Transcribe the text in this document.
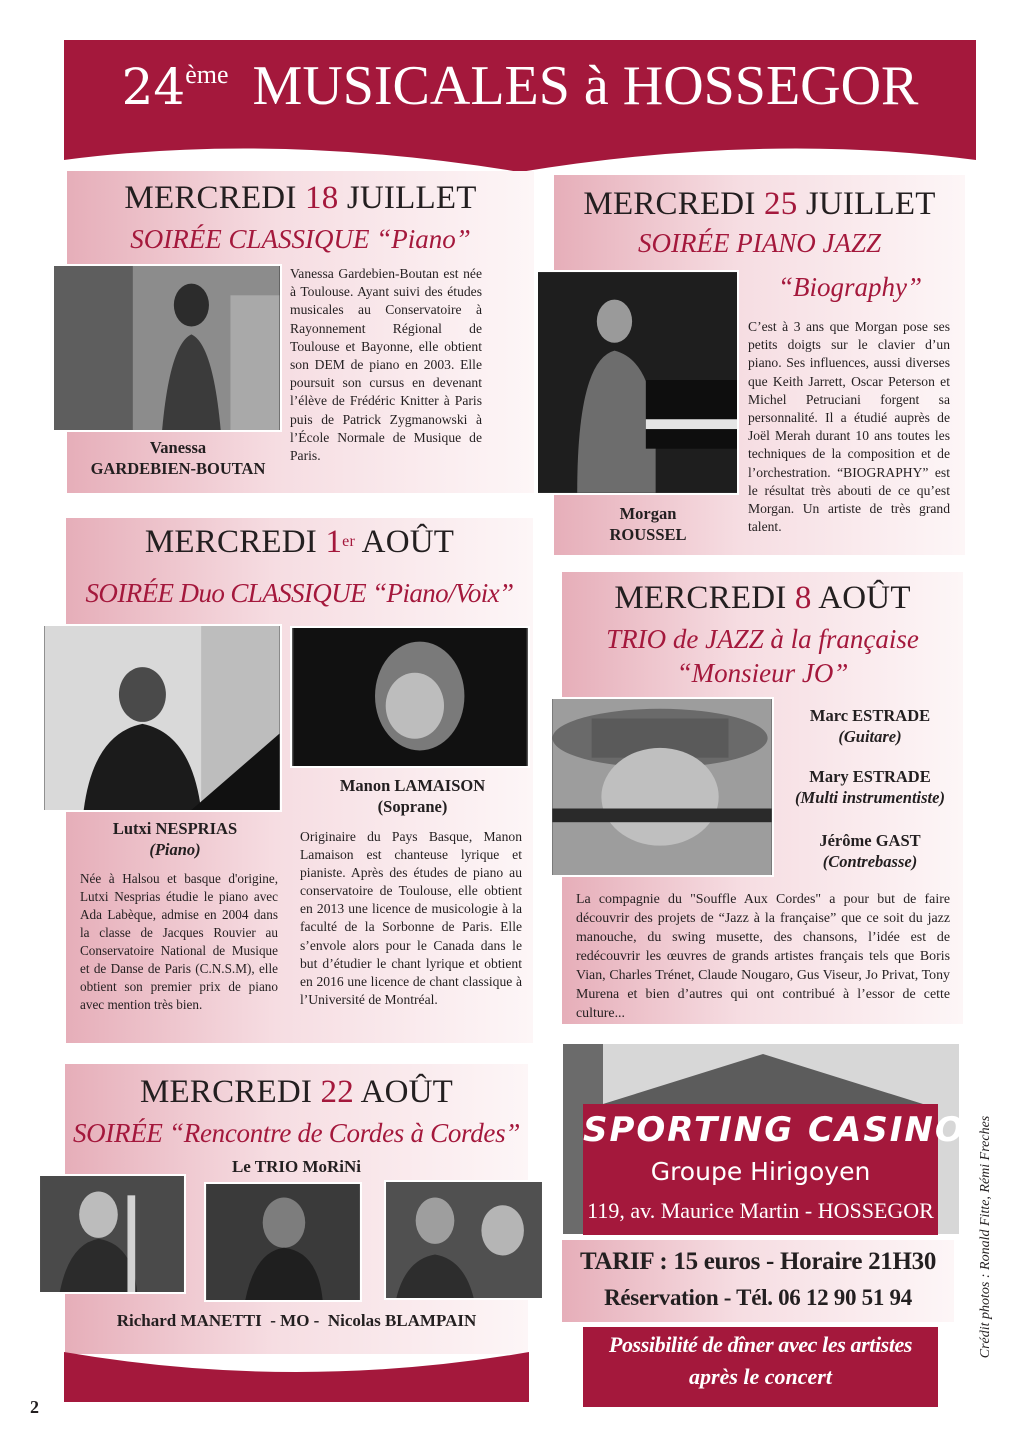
24ème MUSICALES à HOSSEGOR
MERCREDI 18 JUILLET
SOIRÉE CLASSIQUE “Piano”
Vanessa
GARDEBIEN-BOUTAN
Vanessa Gardebien-Boutan est née à Toulouse. Ayant suivi des études musicales au Conservatoire à Rayonnement Régional de Toulouse et Bayonne, elle obtient son DEM de piano en 2003. Elle poursuit son cursus en devenant l’élève de Frédéric Knitter à Paris puis de Patrick Zygmanowski à l’École Normale de Musique de Paris.
MERCREDI 25 JUILLET
SOIRÉE PIANO JAZZ
“Biography”
Morgan
ROUSSEL
C’est à 3 ans que Morgan pose ses petits doigts sur le clavier d’un piano. Ses influences, aussi diverses que Keith Jarrett, Oscar Peterson et Michel Petruciani forgent sa personnalité. Il a étudié auprès de Joël Merah durant 10 ans toutes les techniques de la composition et de l’orchestration. “BIOGRAPHY” est le résultat très abouti de ce qu’est Morgan. Un artiste de très grand talent.
MERCREDI 1er AOÛT
SOIRÉE Duo CLASSIQUE “Piano/Voix”
Manon LAMAISON
(Soprane)
Lutxi NESPRIAS
(Piano)
Née à Halsou et basque d'origine, Lutxi Nesprias étudie le piano avec Ada Labèque, admise en 2004 dans la classe de Jacques Rouvier au Conservatoire National de Musique et de Danse de Paris (C.N.S.M), elle obtient son premier prix de piano avec mention très bien.
Originaire du Pays Basque, Manon Lamaison est chanteuse lyrique et pianiste. Après des études de piano au conservatoire de Toulouse, elle obtient en 2013 une licence de musicologie à la faculté de la Sorbonne de Paris. Elle s’envole alors pour le Canada dans le but d’étudier le chant lyrique et obtient en 2016 une licence de chant classique à l’Université de Montréal.
MERCREDI 8 AOÛT
TRIO de JAZZ à la française
“Monsieur JO”
Marc ESTRADE
(Guitare)
Mary ESTRADE
(Multi instrumentiste)
Jérôme GAST
(Contrebasse)
La compagnie du "Souffle Aux Cordes" a pour but de faire découvrir des projets de “Jazz à la française” que ce soit du jazz manouche, du swing musette, des chansons, l’idée est de redécouvrir les œuvres de grands artistes français tels que Boris Vian, Charles Trénet, Claude Nougaro, Gus Viseur, Jo Privat, Tony Murena et bien d’autres qui ont contribué à l’essor de cette culture...
MERCREDI 22 AOÛT
SOIRÉE “Rencontre de Cordes à Cordes”
Le TRIO MoRiNi
Richard MANETTI  - MO -  Nicolas BLAMPAIN
SPORTING CASINO
Groupe Hirigoyen
119, av. Maurice Martin - HOSSEGOR
TARIF : 15 euros - Horaire 21H30
Réservation - Tél. 06 12 90 51 94
Possibilité de dîner avec les artistes
après le concert
Crédit photos : Ronald Fitte, Rémi Freches
2
